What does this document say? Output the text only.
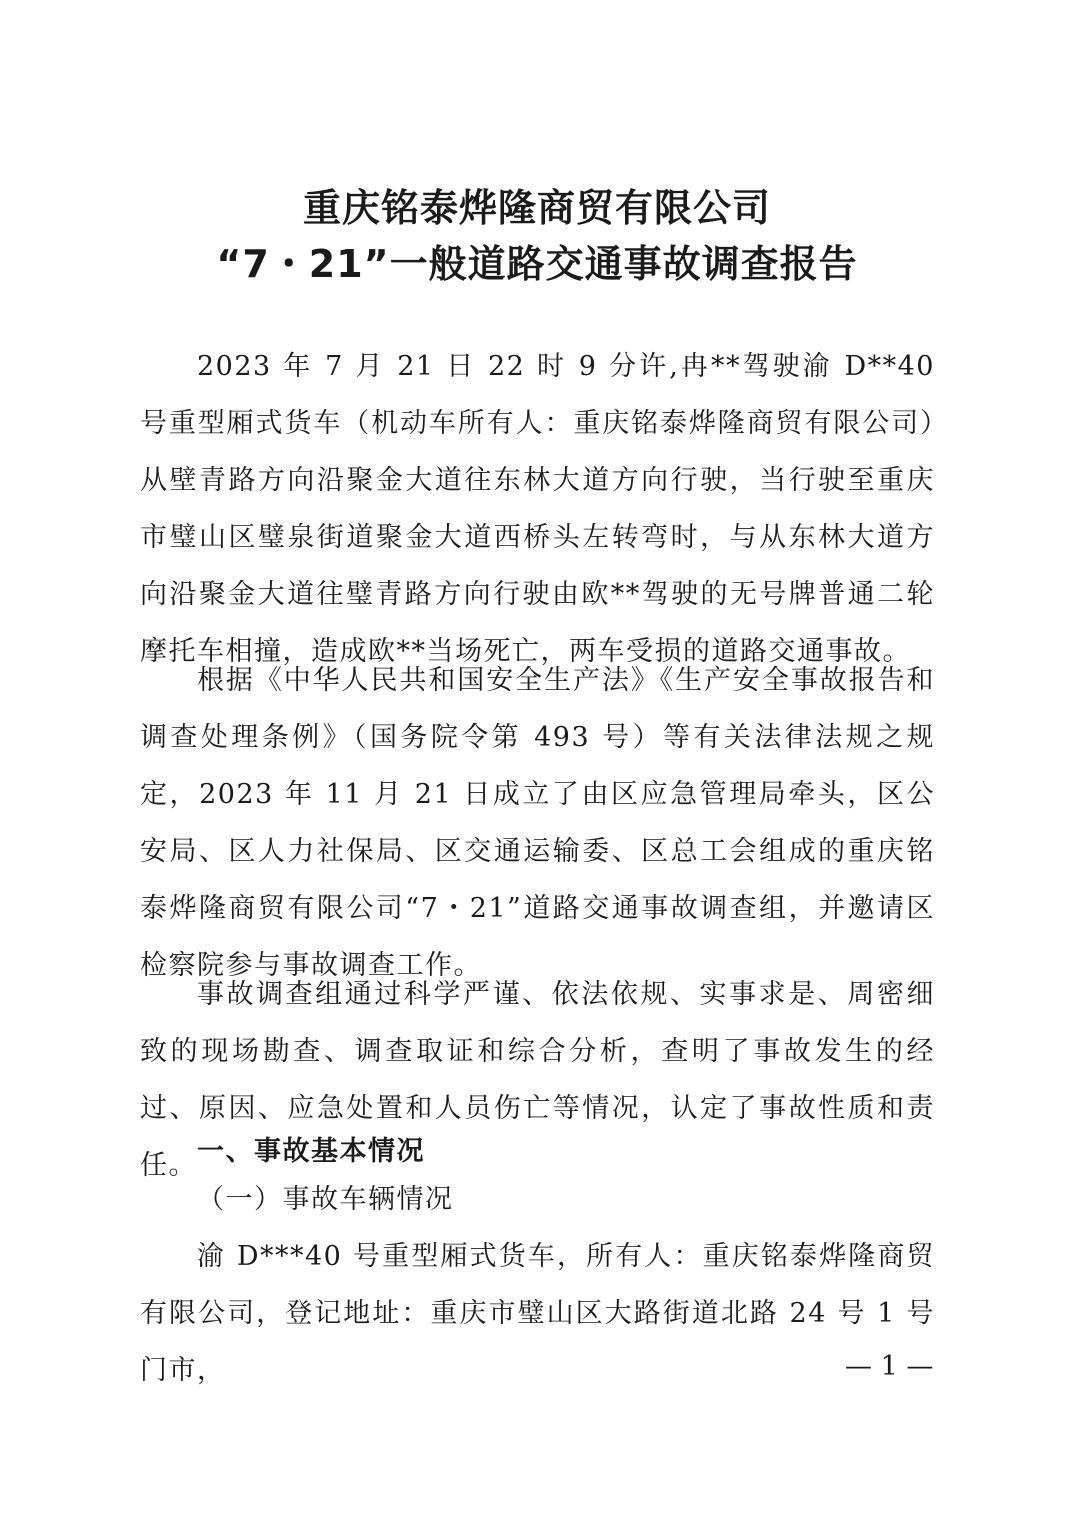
重庆铭泰烨隆商贸有限公司
“7・21”一般道路交通事故调查报告

2023 年 7 月 21 日 22 时 9 分许,冉**驾驶渝 D**40 号重型厢式货车（机动车所有人：重庆铭泰烨隆商贸有限公司）从壁青路方向沿聚金大道往东林大道方向行驶，当行驶至重庆市璧山区璧泉街道聚金大道西桥头左转弯时，与从东林大道方向沿聚金大道往璧青路方向行驶由欧**驾驶的无号牌普通二轮摩托车相撞，造成欧**当场死亡，两车受损的道路交通事故。

根据《中华人民共和国安全生产法》《生产安全事故报告和调查处理条例》（国务院令第 493 号）等有关法律法规之规定，2023 年 11 月 21 日成立了由区应急管理局牵头，区公安局、区人力社保局、区交通运输委、区总工会组成的重庆铭泰烨隆商贸有限公司“7・21”道路交通事故调查组，并邀请区检察院参与事故调查工作。

事故调查组通过科学严谨、依法依规、实事求是、周密细致的现场勘查、调查取证和综合分析，查明了事故发生的经过、原因、应急处置和人员伤亡等情况，认定了事故性质和责任。 一、事故基本情况
（一）事故车辆情况

渝 D***40 号重型厢式货车，所有人：重庆铭泰烨隆商贸有限公司，登记地址：重庆市璧山区大路街道北路 24 号 1 号门市，	— 1 —
